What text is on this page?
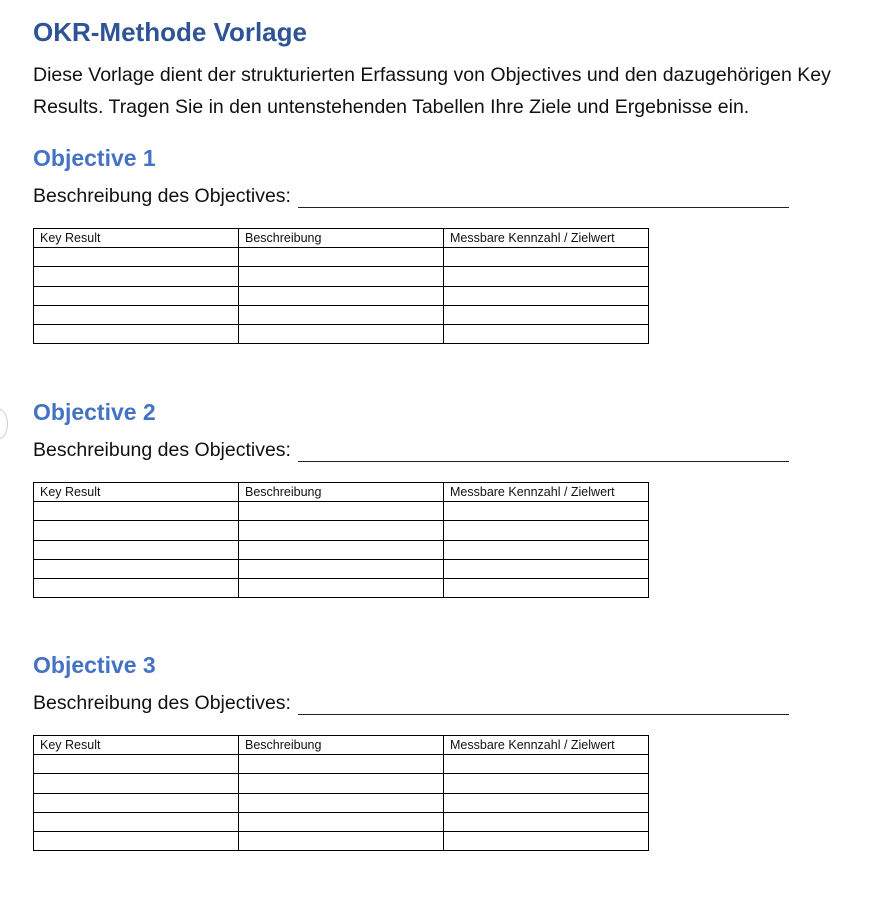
OKR-Methode Vorlage

Diese Vorlage dient der strukturierten Erfassung von Objectives und den dazugehörigen Key Results. Tragen Sie in den untenstehenden Tabellen Ihre Ziele und Ergebnisse ein.

Objective 1
Beschreibung des Objectives:
Key Result	Beschreibung	Messbare Kennzahl / Zielwert

Objective 2
Beschreibung des Objectives:
Key Result	Beschreibung	Messbare Kennzahl / Zielwert

Objective 3
Beschreibung des Objectives:
Key Result	Beschreibung	Messbare Kennzahl / Zielwert
